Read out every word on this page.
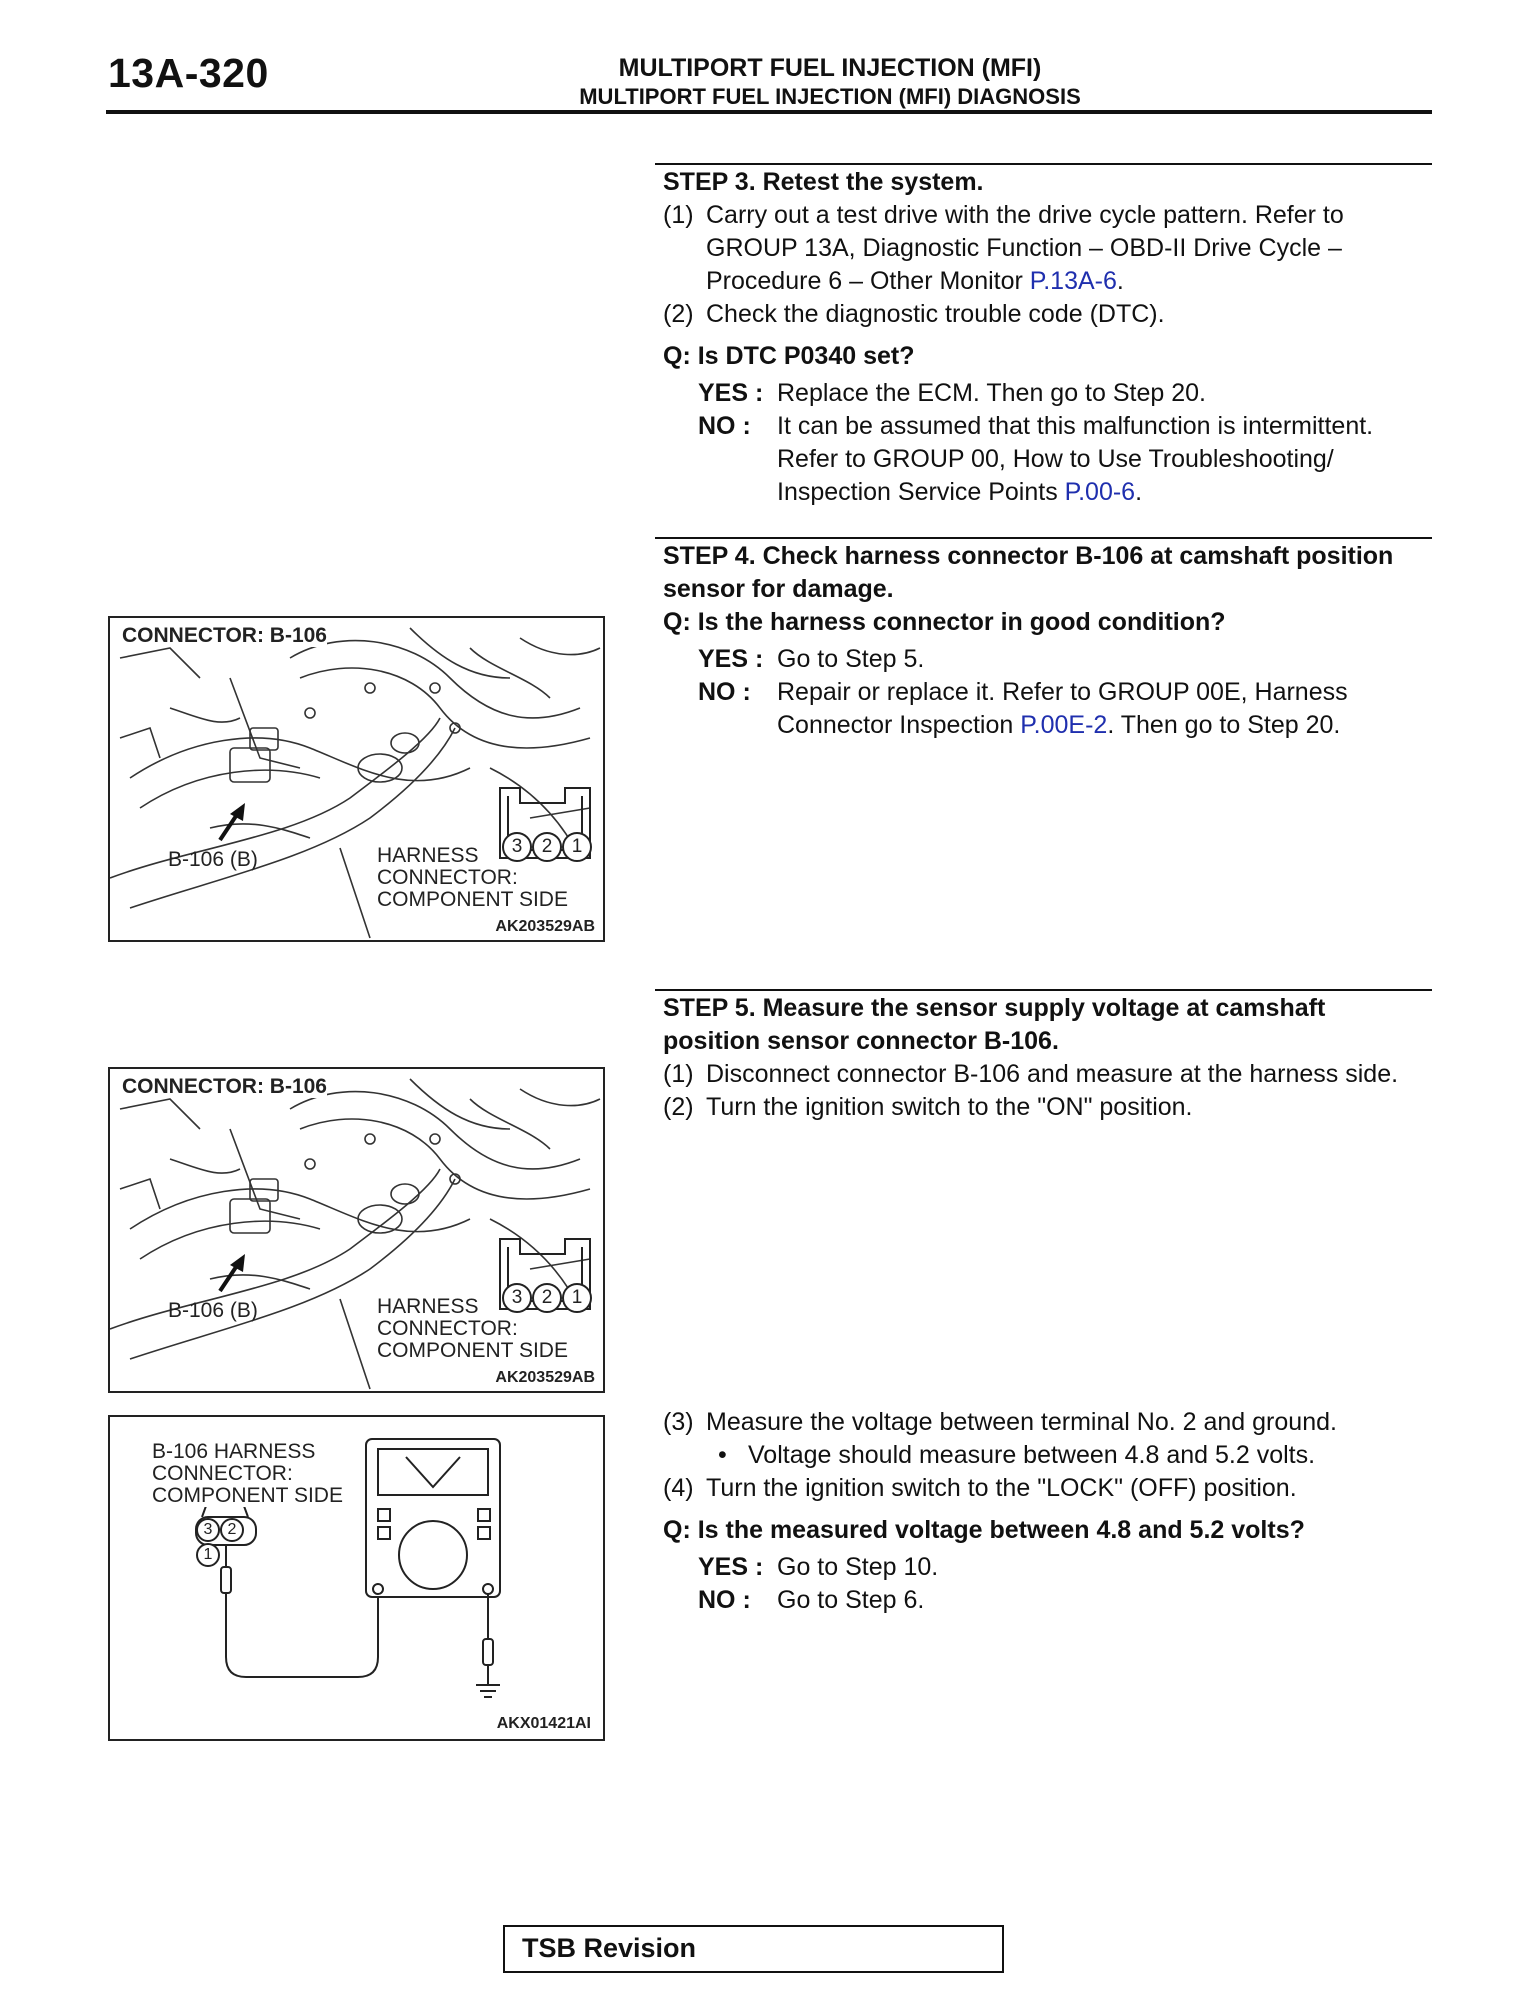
13A-320	MULTIPORT FUEL INJECTION (MFI)
MULTIPORT FUEL INJECTION (MFI) DIAGNOSIS
STEP 3. Retest the system.
(1) Carry out a test drive with the drive cycle pattern. Refer to GROUP 13A, Diagnostic Function – OBD-II Drive Cycle – Procedure 6 – Other Monitor P.13A-6.
(2) Check the diagnostic trouble code (DTC).
Q: Is DTC P0340 set?
YES : Replace the ECM. Then go to Step 20.
NO :	It can be assumed that this malfunction is intermittent. Refer to GROUP 00, How to Use Troubleshooting/ Inspection Service Points P.00-6.
STEP 4. Check harness connector B-106 at camshaft position sensor for damage.
Q: Is the harness connector in good condition?
YES : Go to Step 5.
NO :	Repair or replace it. Refer to GROUP 00E, Harness Connector Inspection P.00E-2. Then go to Step 20.
STEP 5. Measure the sensor supply voltage at camshaft position sensor connector B-106.
(1) Disconnect connector B-106 and measure at the harness side.
(2) Turn the ignition switch to the "ON" position.
(3) Measure the voltage between terminal No. 2 and ground.
• Voltage should measure between 4.8 and 5.2 volts.
(4) Turn the ignition switch to the "LOCK" (OFF) position.
Q: Is the measured voltage between 4.8 and 5.2 volts?
YES : Go to Step 10.
NO :	Go to Step 6.
CONNECTOR: B-106
B-106 (B)	HARNESS
CONNECTOR:
COMPONENT SIDE
3 2 1
AK203529AB
CONNECTOR: B-106
B-106 (B)	HARNESS
CONNECTOR:
COMPONENT SIDE
3 2 1
AK203529AB
B-106 HARNESS
CONNECTOR:
COMPONENT SIDE
3 21
AKX01421AI
TSB Revision
